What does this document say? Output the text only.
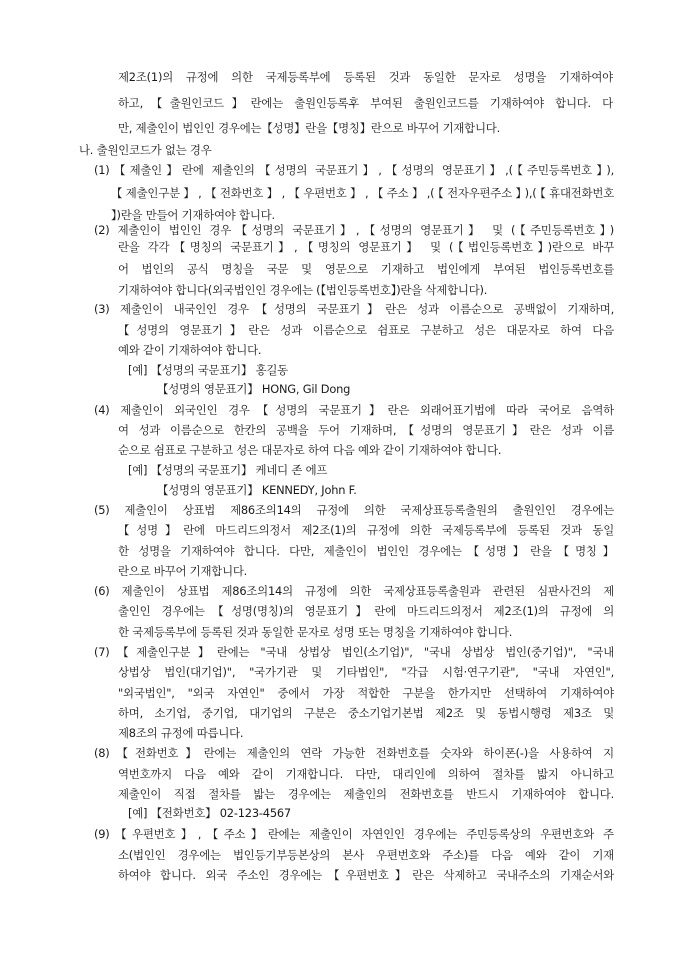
제2조(1)의 규정에 의한 국제등록부에 등록된 것과 동일한 문자로 성명을 기재하여야
하고,【출원인코드】란에는 출원인등록후 부여된 출원인코드를 기재하여야 합니다. 다
만, 제출인이 법인인 경우에는【성명】란을【명칭】란으로 바꾸어 기재합니다.
나. 출원인코드가 없는 경우
(1)【제출인】란에 제출인의【성명의 국문표기】,【성명의 영문표기】,(【주민등록번호】),
【제출인구분】,【전화번호】,【우편번호】,【주소】,(【전자우편주소】),(【휴대전화번호
】)란을 만들어 기재하여야 합니다.
(2) 제출인이 법인인 경우【성명의 국문표기】,【성명의 영문표기】 및 (【주민등록번호】)
란을 각각【명칭의 국문표기】,【명칭의 영문표기】 및 (【법인등록번호】)란으로 바꾸
어 법인의 공식 명칭을 국문 및 영문으로 기재하고 법인에게 부여된 법인등록번호를
기재하여야 합니다(외국법인인 경우에는 (【법인등록번호】)란을 삭제합니다).
(3) 제출인이 내국인인 경우【성명의 국문표기】란은 성과 이름순으로 공백없이 기재하며,
【성명의 영문표기】란은 성과 이름순으로 쉼표로 구분하고 성은 대문자로 하여 다음
예와 같이 기재하여야 합니다.
[예] 【성명의 국문표기】 홍길동
【성명의 영문표기】 HONG, Gil Dong
(4) 제출인이 외국인인 경우【성명의 국문표기】란은 외래어표기법에 따라 국어로 음역하
여 성과 이름순으로 한칸의 공백을 두어 기재하며,【성명의 영문표기】란은 성과 이름
순으로 쉼표로 구분하고 성은 대문자로 하여 다음 예와 같이 기재하여야 합니다.
[예] 【성명의 국문표기】 케네디 존 에프
【성명의 영문표기】 KENNEDY, John F.
(5) 제출인이 상표법 제86조의14의 규정에 의한 국제상표등록출원의 출원인인 경우에는
【성명】란에 마드리드의정서 제2조(1)의 규정에 의한 국제등록부에 등록된 것과 동일
한 성명을 기재하여야 합니다. 다만, 제출인이 법인인 경우에는【성명】란을【명칭】
란으로 바꾸어 기재합니다.
(6) 제출인이 상표법 제86조의14의 규정에 의한 국제상표등록출원과 관련된 심판사건의 제
출인인 경우에는【성명(명칭)의 영문표기】란에 마드리드의정서 제2조(1)의 규정에 의
한 국제등록부에 등록된 것과 동일한 문자로 성명 또는 명칭을 기재하여야 합니다.
(7)【제출인구분】란에는 "국내 상법상 법인(소기업)", "국내 상법상 법인(중기업)", "국내
상법상 법인(대기업)", "국가기관 및 기타법인", "각급 시험·연구기관", "국내 자연인",
"외국법인", "외국 자연인" 중에서 가장 적합한 구분을 한가지만 선택하여 기재하여야
하며, 소기업, 중기업, 대기업의 구분은 중소기업기본법 제2조 및 동법시행령 제3조 및
제8조의 규정에 따릅니다.
(8)【전화번호】란에는 제출인의 연락 가능한 전화번호를 숫자와 하이폰(-)을 사용하여 지
역번호까지 다음 예와 같이 기재합니다. 다만, 대리인에 의하여 절차를 밟지 아니하고
제출인이 직접 절차를 밟는 경우에는 제출인의 전화번호를 반드시 기재하여야 합니다.
[예] 【전화번호】 02-123-4567
(9)【우편번호】,【주소】란에는 제출인이 자연인인 경우에는 주민등록상의 우편번호와 주
소(법인인 경우에는 법인등기부등본상의 본사 우편번호와 주소)를 다음 예와 같이 기재
하여야 합니다. 외국 주소인 경우에는【우편번호】란은 삭제하고 국내주소의 기재순서와
